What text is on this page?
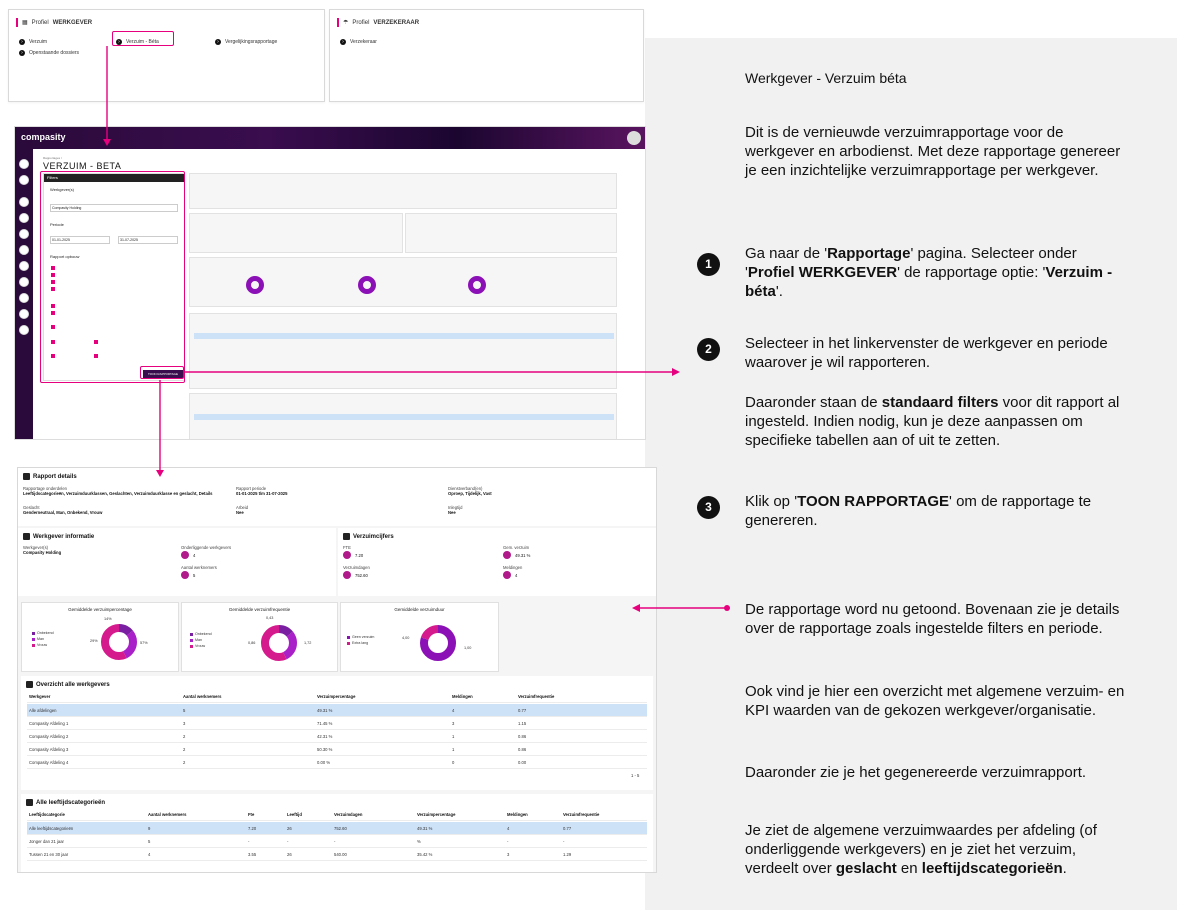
▦ Profiel WERKGEVER
›	Verzuim	›	Verzuim - Béta	›	Vergelijkingsrapportage
›	Openstaande dossiers
☂ Profiel VERZEKERAAR
›	Verzekeraar
compasity
Rapportages /
VERZUIM - BETA
Filters
Werkgever(s)
Compasity Holding
Periode
01-01-2025	31-07-2025
Rapport opbouw
TOON RAPPORTAGE
Rapport details
Rapportage onderdelen
Leeftijdscategorieën, Verzuimduurklassen, Geslachten, Verzuimduurklasse en geslacht, Details
Rapport periode
01-01-2025 t/m 31-07-2025
Dienstverband(en)
Oproep, Tijdelijk, Vast
Geslacht
Genderneutraal, Man, Onbekend, Vrouw
Arbeid
Nee
Inlegtijd
Nee
Werkgever informatie
Werkgever(s)
Compasity Holding
Onderliggende werkgevers
4
Aantal werknemers
5
Verzuimcijfers
FTE
7.20
Gem. verzuim
49.31 %
Verzuimdagen
752.60
Meldingen
4
Gemiddelde verzuimpercentage
Onbekend
Man
Vrouw
14%
29%	57%
Gemiddelde verzuimfrequentie
Onbekend
Man
Vrouw
0,43
0,86	1,72
Gemiddelde verzuimduur
Geen verzuim
Extra lang
4,00
1,00
Overzicht alle werkgevers
Werkgever	Aantal werknemers	Verzuimpercentage	Meldingen	Verzuimfrequentie
Alle afdelingen	5	49.31 %	4	0.77
Compasity Afdeling 1	3	71.45 %	3	1.15
Compasity Afdeling 2	2	42.31 %	1	0.86
Compasity Afdeling 3	2	50.30 %	1	0.86
Compasity Afdeling 4	2	0.00 %	0	0.00
1 - 5
Alle leeftijdscategorieën
Leeftijdscategorie	Aantal werknemers	Fte	Leeftijd	Verzuimdagen	Verzuimpercentage	Meldingen	Verzuimfrequentie
Alle leeftijdscategorieën	9	7.20	26	752.60	49.31 %	4	0.77
Jonger dan 21 jaar	5	-	-	-	%	-	-
Tussen 21 en 30 jaar	4	3.55	26	540.00	35.42 %	3	1.29
Werkgever - Verzuim béta
Dit is de vernieuwde verzuimrapportage voor de werkgever en arbodienst. Met deze rapportage genereer je een inzichtelijke verzuimrapportage per werkgever.
1
Ga naar de 'Rapportage' pagina. Selecteer onder 'Profiel WERKGEVER' de rapportage optie: 'Verzuim - béta'.
2	Selecteer in het linkervenster de werkgever en periode waarover je wil rapporteren.
Daaronder staan de standaard filters voor dit rapport al ingesteld. Indien nodig, kun je deze aanpassen om specifieke tabellen aan of uit te zetten.
3	Klik op 'TOON RAPPORTAGE' om de rapportage te genereren.
De rapportage word nu getoond. Bovenaan zie je details over de rapportage zoals ingestelde filters en periode.
Ook vind je hier een overzicht met algemene verzuim- en KPI waarden van de gekozen werkgever/organisatie.
Daaronder zie je het gegenereerde verzuimrapport.
Je ziet de algemene verzuimwaardes per afdeling (of onderliggende werkgevers) en je ziet het verzuim, verdeelt over geslacht en leeftijdscategorieën.
